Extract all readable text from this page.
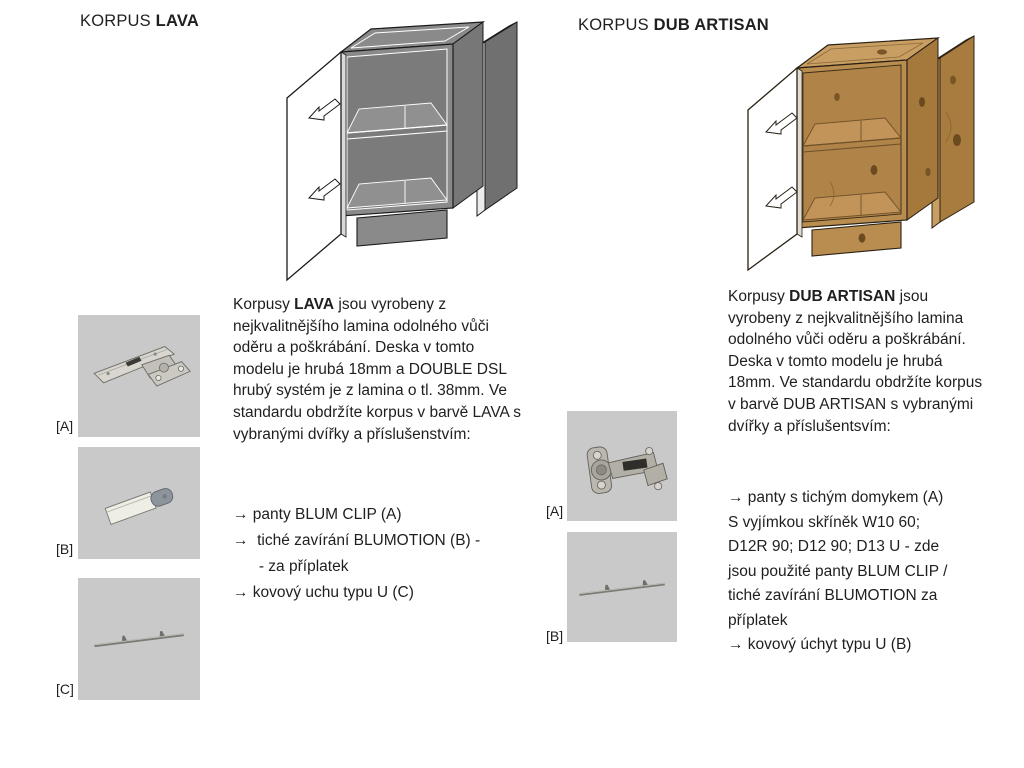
KORPUS LAVA
[A]
[B]
[C]

Korpusy LAVA jsou vyrobeny z nejkvalitnějšího lamina odolného vůči oděru a poškrábání. Deska v tomto modelu je hrubá 18mm a DOUBLE DSL hrubý systém je z lamina o tl. 38mm. Ve standardu obdržíte korpus v barvě LAVA s vybranými dvířky a příslušenstvím:

→ panty BLUM CLIP (A)
→  tiché zavírání BLUMOTION (B) -
- za příplatek
→ kovový uchu typu U (C)
KORPUS DUB ARTISAN
[A]
[B]

Korpusy DUB ARTISAN jsou vyrobeny z nejkvalitnějšího lamina odolného vůči oděru a poškrábání. Deska v tomto modelu je hrubá 18mm. Ve standardu obdržíte korpus v barvě DUB ARTISAN s vybranými dvířky a příslušentsvím:

→ panty s tichým domykem (A)
S vyjímkou skříněk W10 60;
D12R 90; D12 90; D13 U - zde
jsou použité panty BLUM CLIP /
tiché zavírání BLUMOTION za
příplatek
→ kovový úchyt typu U (B)
